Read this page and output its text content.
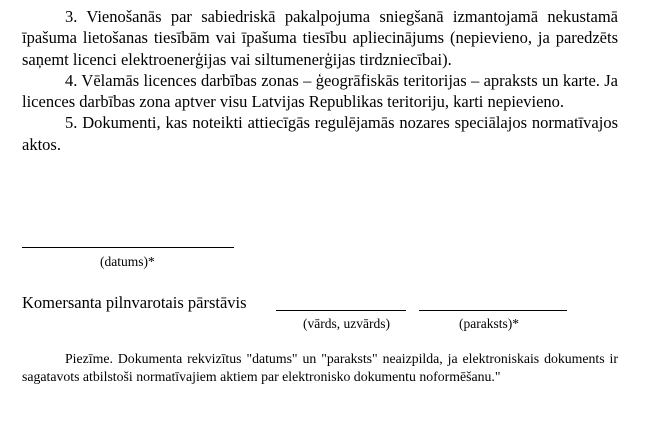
3. Vienošanās par sabiedriskā pakalpojuma sniegšanā izmantojamā nekustamā īpašuma lietošanas tiesībām vai īpašuma tiesību apliecinājums (nepievieno, ja paredzēts saņemt licenci elektroenerģijas vai siltumenerģijas tirdzniecībai).

4. Vēlamās licences darbības zonas – ģeogrāfiskās teritorijas – apraksts un karte. Ja licences darbības zona aptver visu Latvijas Republikas teritoriju, karti nepievieno.

5. Dokumenti, kas noteikti attiecīgās regulējamās nozares speciālajos normatīvajos aktos.

(datums)*
Komersanta pilnvarotais pārstāvis
(vārds, uzvārds)	(paraksts)*

Piezīme. Dokumenta rekvizītus "datums" un "paraksts" neaizpilda, ja elektroniskais dokuments ir sagatavots atbilstoši normatīvajiem aktiem par elektronisko dokumentu noformēšanu."
